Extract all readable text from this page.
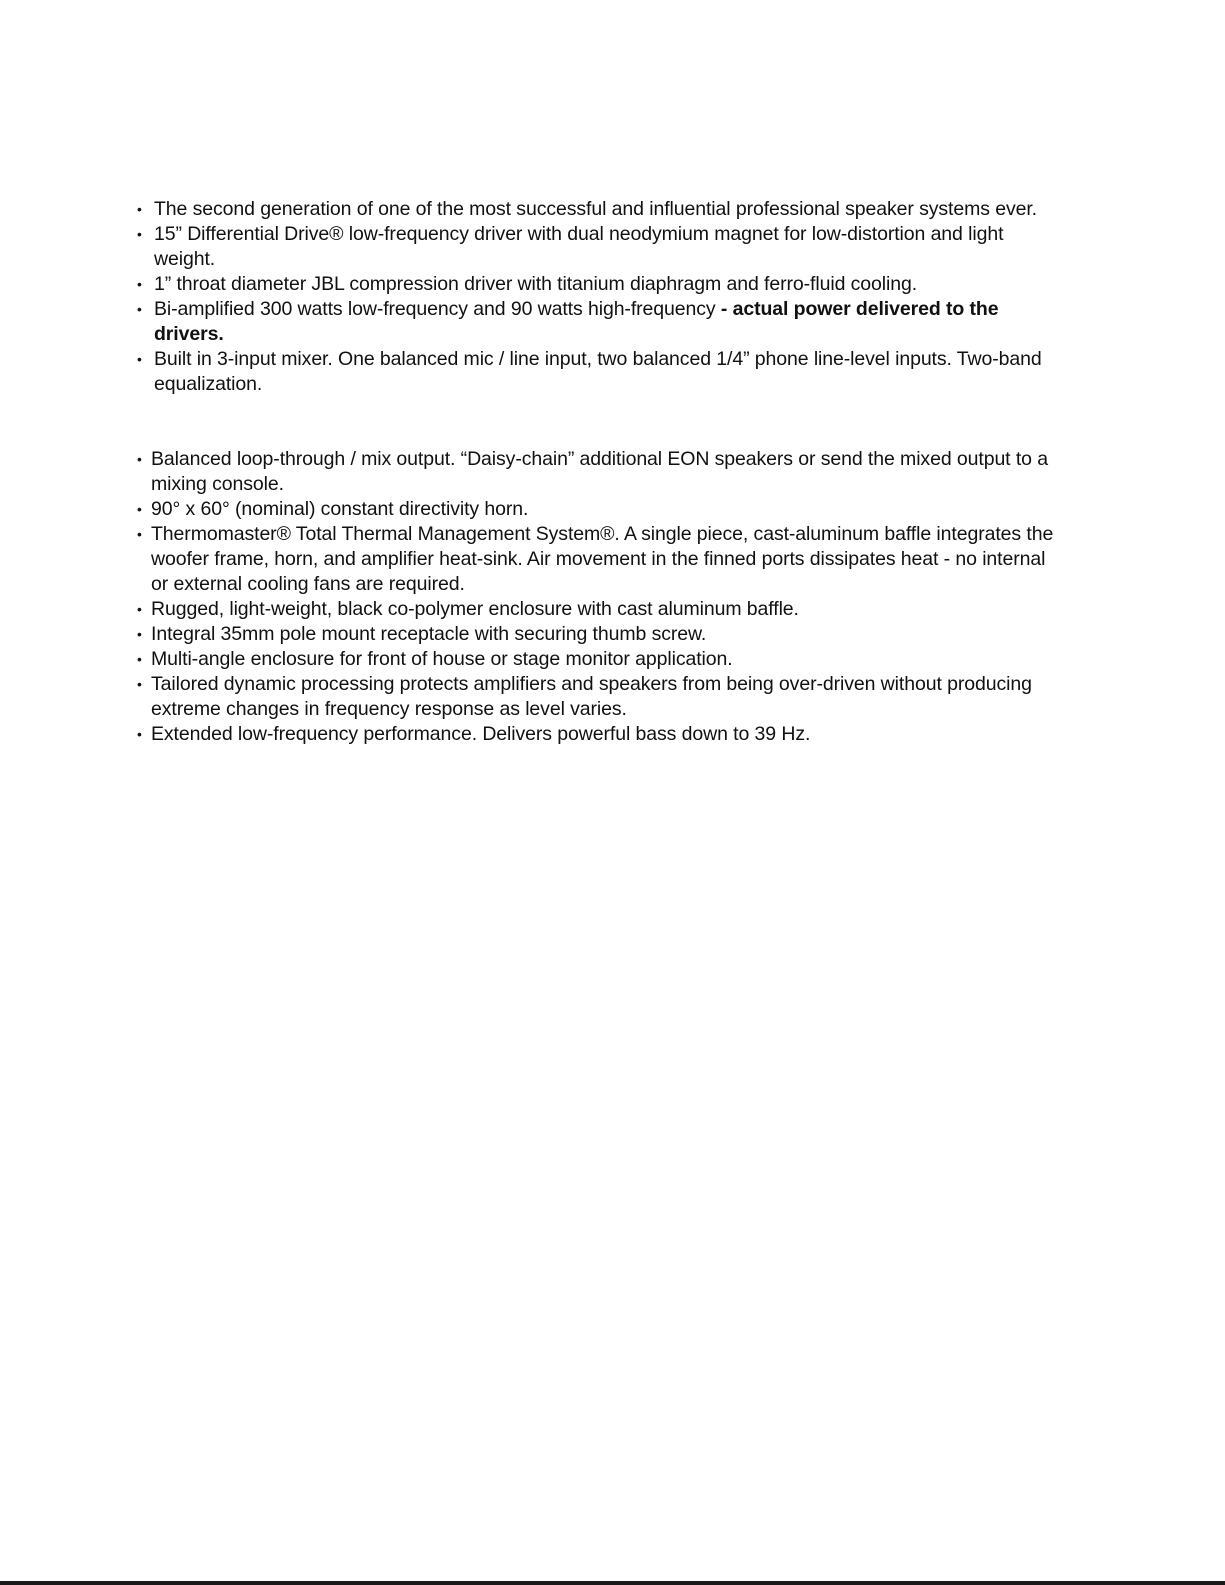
• The second generation of one of the most successful and influential professional speaker systems ever.
• 15” Differential Drive® low-frequency driver with dual neodymium magnet for low-distortion and light weight.
• 1” throat diameter JBL compression driver with titanium diaphragm and ferro-fluid cooling.
• Bi-amplified 300 watts low-frequency and 90 watts high-frequency - actual power delivered to the drivers.
• Built in 3-input mixer. One balanced mic / line input, two balanced 1/4” phone line-level inputs. Two-band equalization.
• Balanced loop-through / mix output. “Daisy-chain” additional EON speakers or send the mixed output to a mixing console.
• 90° x 60° (nominal) constant directivity horn.
• Thermomaster® Total Thermal Management System®. A single piece, cast-aluminum baffle integrates the woofer frame, horn, and amplifier heat-sink. Air movement in the finned ports dissipates heat - no internal or external cooling fans are required.
• Rugged, light-weight, black co-polymer enclosure with cast aluminum baffle.
• Integral 35mm pole mount receptacle with securing thumb screw.
• Multi-angle enclosure for front of house or stage monitor application.
• Tailored dynamic processing protects amplifiers and speakers from being over-driven without producing extreme changes in frequency response as level varies.
• Extended low-frequency performance. Delivers powerful bass down to 39 Hz.
